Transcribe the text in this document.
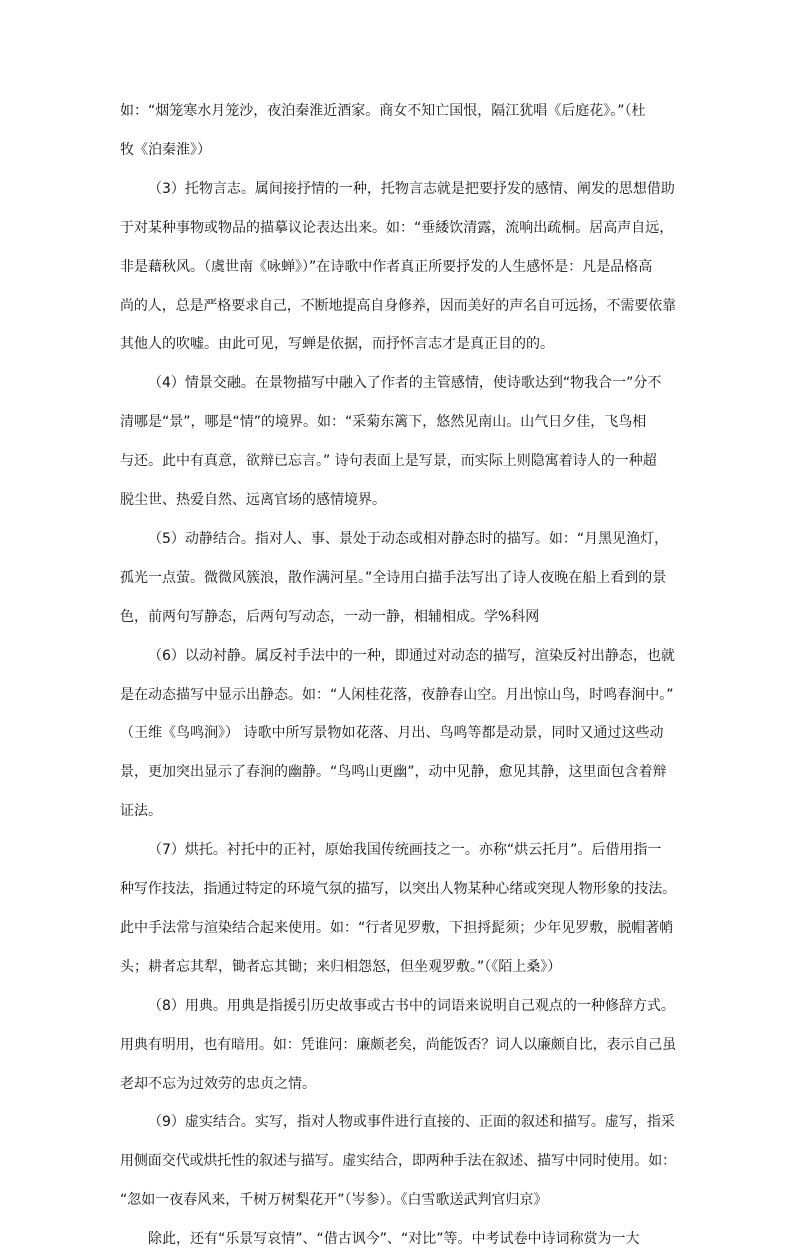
如：“烟笼寒水月笼沙，夜泊秦淮近酒家。商女不知亡国恨，隔江犹唱《后庭花》。”（杜
牧《泊秦淮》）
（3）托物言志。属间接抒情的一种，托物言志就是把要抒发的感情、阐发的思想借助
于对某种事物或物品的描摹议论表达出来。如：“垂緌饮清露，流响出疏桐。居高声自远，
非是藉秋风。（虞世南《咏蝉》）”在诗歌中作者真正所要抒发的人生感怀是：凡是品格高
尚的人，总是严格要求自己，不断地提高自身修养，因而美好的声名自可远扬，不需要依靠
其他人的吹嘘。由此可见，写蝉是依据，而抒怀言志才是真正目的的。
（4）情景交融。在景物描写中融入了作者的主管感情，使诗歌达到“物我合一”分不
清哪是“景”，哪是“情”的境界。如：“采菊东篱下，悠然见南山。山气日夕佳，飞鸟相
与还。此中有真意，欲辩已忘言。” 诗句表面上是写景，而实际上则隐寓着诗人的一种超
脱尘世、热爱自然、远离官场的感情境界。
（5）动静结合。指对人、事、景处于动态或相对静态时的描写。如：“月黑见渔灯，
孤光一点萤。微微风簇浪，散作满河星。”全诗用白描手法写出了诗人夜晚在船上看到的景
色，前两句写静态，后两句写动态，一动一静，相辅相成。学%科网
（6）以动衬静。属反衬手法中的一种，即通过对动态的描写，渲染反衬出静态，也就
是在动态描写中显示出静态。如：“人闲桂花落，夜静春山空。月出惊山鸟，时鸣春涧中。”
（王维《鸟鸣涧》） 诗歌中所写景物如花落、月出、鸟鸣等都是动景，同时又通过这些动
景，更加突出显示了春涧的幽静。“鸟鸣山更幽”，动中见静，愈见其静，这里面包含着辩
证法。
（7）烘托。衬托中的正衬，原始我国传统画技之一。亦称“烘云托月”。后借用指一
种写作技法，指通过特定的环境气氛的描写，以突出人物某种心绪或突现人物形象的技法。
此中手法常与渲染结合起来使用。如：“行者见罗敷，下担捋髭须；少年见罗敷，脱帽著帩
头；耕者忘其犁，锄者忘其锄；来归相怨怒，但坐观罗敷。”（《陌上桑》）
（8）用典。用典是指援引历史故事或古书中的词语来说明自己观点的一种修辞方式。
用典有明用，也有暗用。如：凭谁问：廉颇老矣，尚能饭否？词人以廉颇自比，表示自己虽
老却不忘为过效劳的忠贞之情。
（9）虚实结合。实写，指对人物或事件进行直接的、正面的叙述和描写。虚写，指采
用侧面交代或烘托性的叙述与描写。虚实结合，即两种手法在叙述、描写中同时使用。如：
“忽如一夜春风来，千树万树梨花开”（岑参）。《白雪歌送武判官归京》
除此，还有“乐景写哀情”、“借古讽今”、“对比”等。中考试卷中诗词称赏为一大
